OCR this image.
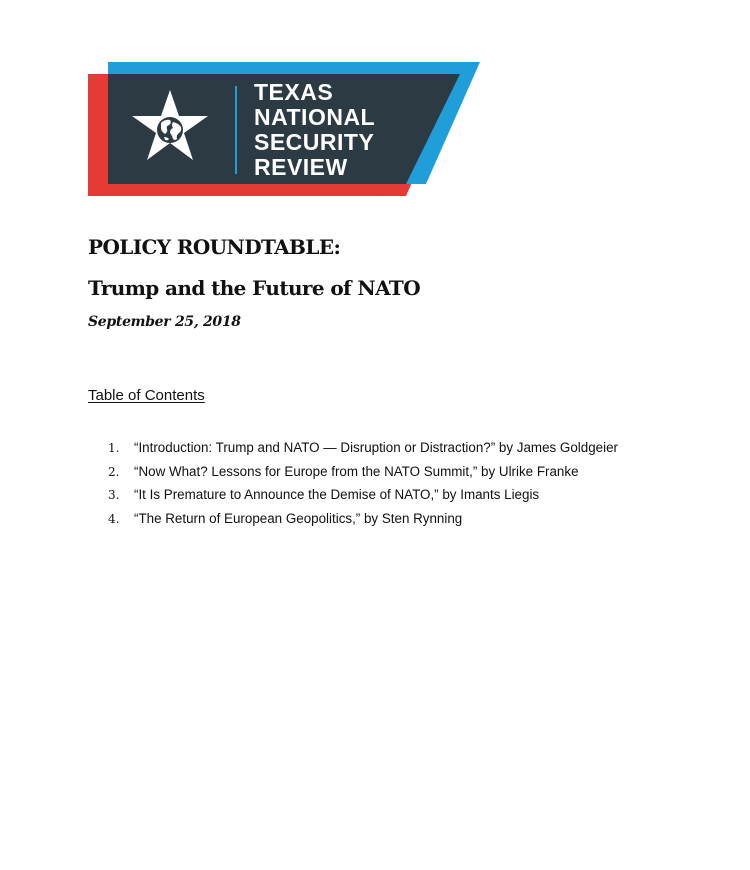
TEXAS
NATIONAL
SECURITY
REVIEW
POLICY ROUNDTABLE:
Trump and the Future of NATO
September 25, 2018
Table of Contents
1. “Introduction: Trump and NATO — Disruption or Distraction?” by James Goldgeier
2. “Now What? Lessons for Europe from the NATO Summit,” by Ulrike Franke
3. “It Is Premature to Announce the Demise of NATO,” by Imants Liegis
4. “The Return of European Geopolitics,” by Sten Rynning
